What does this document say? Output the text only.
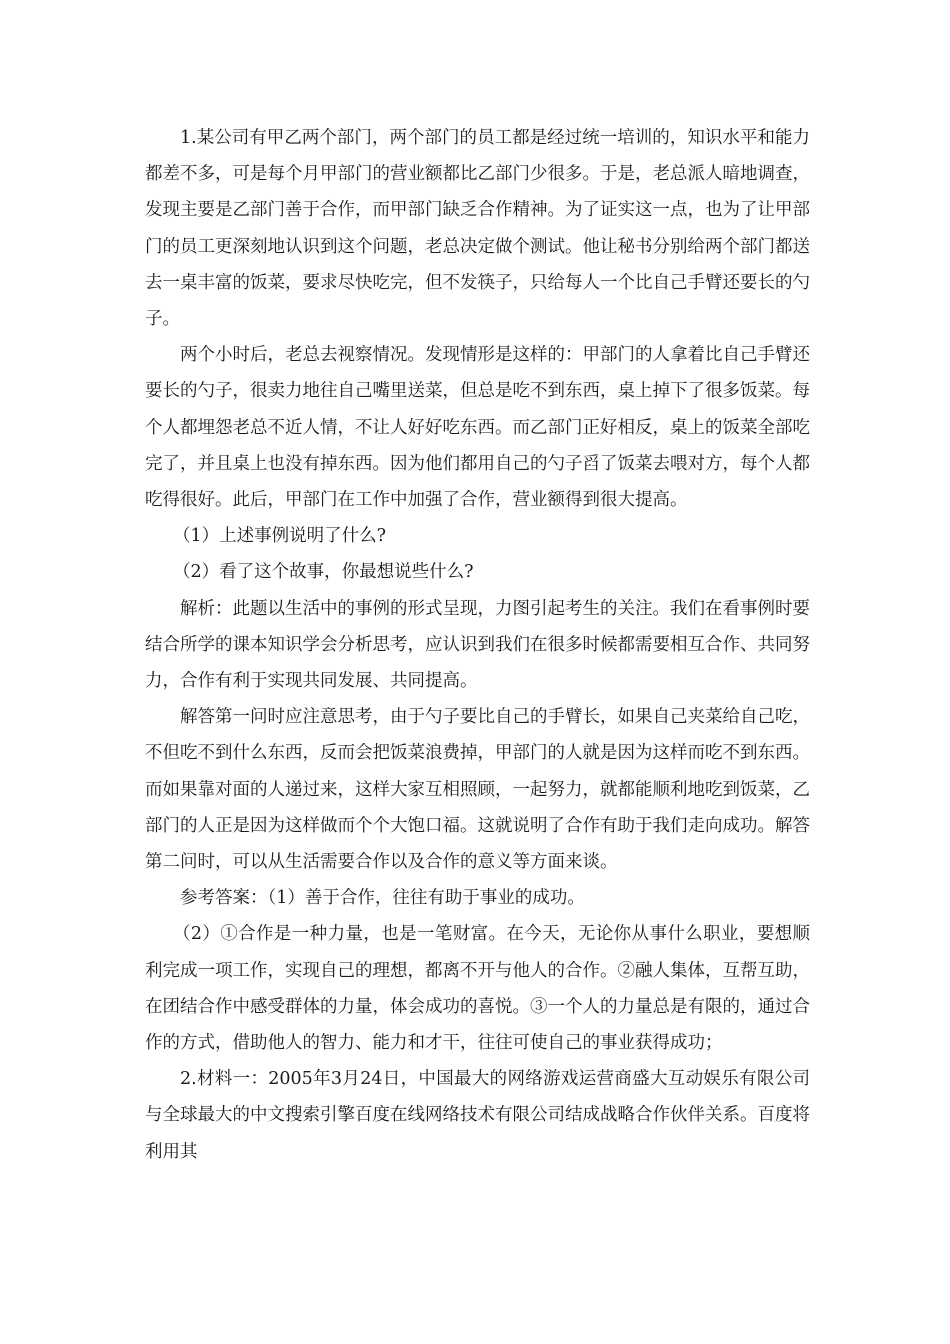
1.某公司有甲乙两个部门，两个部门的员工都是经过统一培训的，知识水平和能力都差不多，可是每个月甲部门的营业额都比乙部门少很多。于是，老总派人暗地调查，发现主要是乙部门善于合作，而甲部门缺乏合作精神。为了证实这一点，也为了让甲部门的员工更深刻地认识到这个问题，老总决定做个测试。他让秘书分别给两个部门都送去一桌丰富的饭菜，要求尽快吃完，但不发筷子，只给每人一个比自己手臂还要长的勺子。

两个小时后，老总去视察情况。发现情形是这样的：甲部门的人拿着比自己手臂还要长的勺子，很卖力地往自己嘴里送菜，但总是吃不到东西，桌上掉下了很多饭菜。每个人都埋怨老总不近人情，不让人好好吃东西。而乙部门正好相反，桌上的饭菜全部吃完了，并且桌上也没有掉东西。因为他们都用自己的勺子舀了饭菜去喂对方，每个人都吃得很好。此后，甲部门在工作中加强了合作，营业额得到很大提高。

（1）上述事例说明了什么?

（2）看了这个故事，你最想说些什么?

解析：此题以生活中的事例的形式呈现，力图引起考生的关注。我们在看事例时要结合所学的课本知识学会分析思考，应认识到我们在很多时候都需要相互合作、共同努力，合作有利于实现共同发展、共同提高。

解答第一问时应注意思考，由于勺子要比自己的手臂长，如果自己夹菜给自己吃，不但吃不到什么东西，反而会把饭菜浪费掉，甲部门的人就是因为这样而吃不到东西。而如果靠对面的人递过来，这样大家互相照顾，一起努力，就都能顺利地吃到饭菜，乙部门的人正是因为这样做而个个大饱口福。这就说明了合作有助于我们走向成功。解答第二问时，可以从生活需要合作以及合作的意义等方面来谈。

参考答案：（1）善于合作，往往有助于事业的成功。

（2）①合作是一种力量，也是一笔财富。在今天，无论你从事什么职业，要想顺利完成一项工作，实现自己的理想，都离不开与他人的合作。②融人集体，互帮互助，在团结合作中感受群体的力量，体会成功的喜悦。③一个人的力量总是有限的，通过合作的方式，借助他人的智力、能力和才干，往往可使自己的事业获得成功；

2.材料一：2005年3月24日，中国最大的网络游戏运营商盛大互动娱乐有限公司与全球最大的中文搜索引擎百度在线网络技术有限公司结成战略合作伙伴关系。百度将利用其
